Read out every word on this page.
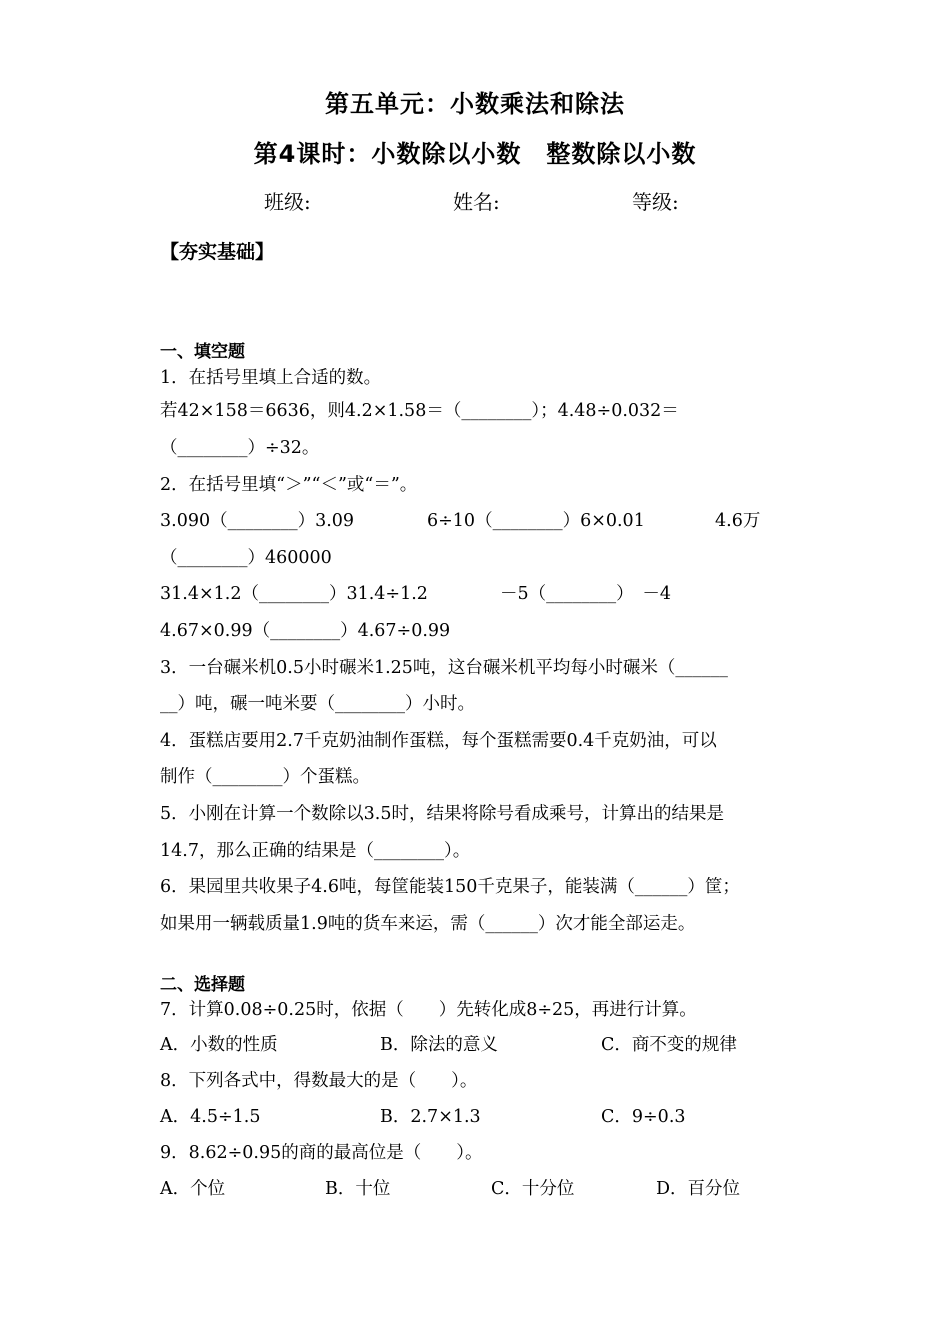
第五单元：小数乘法和除法
第4课时：小数除以小数　整数除以小数
班级:	姓名:	等级:
【夯实基础】
一、填空题
1．在括号里填上合适的数。
若42×158＝6636，则4.2×1.58＝（________）；4.48÷0.032＝
（________）÷32。
2．在括号里填“＞”“＜”或“＝”。
3.090（________）3.09	6÷10（________）6×0.01	4.6万
（________）460000
31.4×1.2（________）31.4÷1.2	－5（________）　－4
4.67×0.99（________）4.67÷0.99
3．一台碾米机0.5小时碾米1.25吨，这台碾米机平均每小时碾米（______
__）吨，碾一吨米要（________）小时。
4．蛋糕店要用2.7千克奶油制作蛋糕，每个蛋糕需要0.4千克奶油，可以
制作（________）个蛋糕。
5．小刚在计算一个数除以3.5时，结果将除号看成乘号，计算出的结果是
14.7，那么正确的结果是（________）。
6．果园里共收果子4.6吨，每筐能装150千克果子，能装满（______）筐；
如果用一辆载质量1.9吨的货车来运，需（______）次才能全部运走。
二、选择题
7．计算0.08÷0.25时，依据（　　）先转化成8÷25，再进行计算。
A．小数的性质	B．除法的意义	C．商不变的规律
8．下列各式中，得数最大的是（　　）。
A．4.5÷1.5	B．2.7×1.3	C．9÷0.3
9．8.62÷0.95的商的最高位是（　　）。
A．个位	B．十位	C．十分位	D．百分位
